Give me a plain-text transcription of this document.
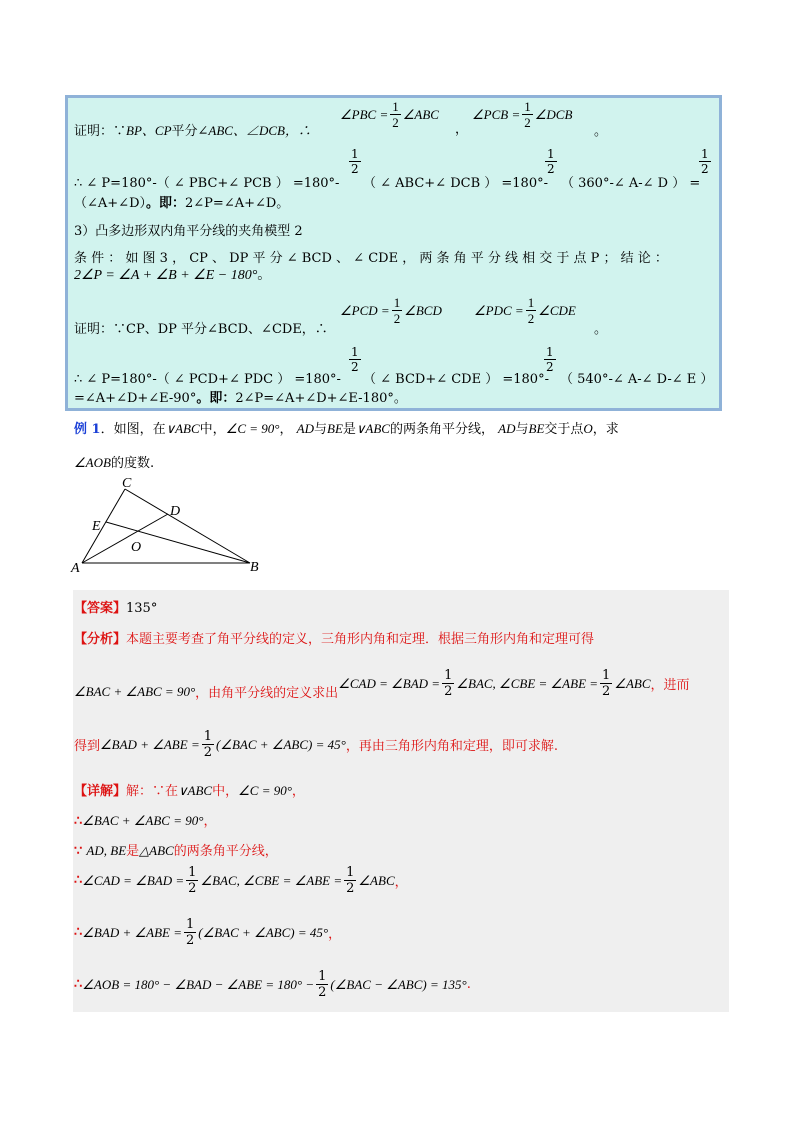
证明：∵BP、CP平分∠ABC、∠DCB，∴
∠PBC = $\frac{1}{2}$ ∠ABC
，
∠PCB = $\frac{1}{2}$ ∠DCB
。
∴ ∠ P=180°-（ ∠ PBC+∠ PCB ） =180°-
$\frac{1}{2}$
（ ∠ ABC+∠ DCB ） =180°-
$\frac{1}{2}$
（ 360°-∠ A-∠ D ） =
$\frac{1}{2}$
（∠A+∠D）。即：2∠P=∠A+∠D。
3）凸多边形双内角平分线的夹角模型 2
条 件 ： 如 图 3 ， CP 、 DP 平 分 ∠ BCD 、 ∠ CDE ， 两 条 角 平 分 线 相 交 于 点 P ； 结 论 ：
2∠P = ∠A + ∠B + ∠E − 180°。
证明：∵CP、DP 平分∠BCD、∠CDE，∴
∠PCD = $\frac{1}{2}$ ∠BCD ∠PDC = $\frac{1}{2}$ ∠CDE
。
∴ ∠ P=180°-（ ∠ PCD+∠ PDC ） =180°-
$\frac{1}{2}$
（ ∠ BCD+∠ CDE ） =180°-
$\frac{1}{2}$
（ 540°-∠ A-∠ D-∠ E ）
=∠A+∠D+∠E-90°。即：2∠P=∠A+∠D+∠E-180°。
例 1．如图，在∨ABC中，∠C = 90°， AD与BE是∨ABC的两条角平分线， AD与BE交于点O，求
∠AOB的度数.
A	B
C
D
E
O
【答案】135°
【分析】本题主要考查了角平分线的定义，三角形内角和定理．根据三角形内角和定理可得
∠BAC + ∠ABC = 90° ，由角平分线的定义求出
∠CAD = ∠BAD = $\frac{1}{2}$ ∠BAC, ∠CBE = ∠ABE = $\frac{1}{2}$ ∠ABC ，进而
得到 ∠BAD + ∠ABE = $\frac{1}{2}$ (∠BAC + ∠ABC) = 45° ，再由三角形内角和定理，即可求解.
【详解】解：∵在∨ABC中，∠C = 90°，
∴∠BAC + ∠ABC = 90°，
∵ AD, BE是△ABC的两条角平分线，
∴ ∠CAD = ∠BAD = $\frac{1}{2}$ ∠BAC, ∠CBE = ∠ABE = $\frac{1}{2}$ ∠ABC ，
∴ ∠BAD + ∠ABE = $\frac{1}{2}$ (∠BAC + ∠ABC) = 45° ，
∴ ∠AOB = 180° − ∠BAD − ∠ABE = $180^\circ - \frac{1}{2}$ (∠BAC − ∠ABC) = 135° .
